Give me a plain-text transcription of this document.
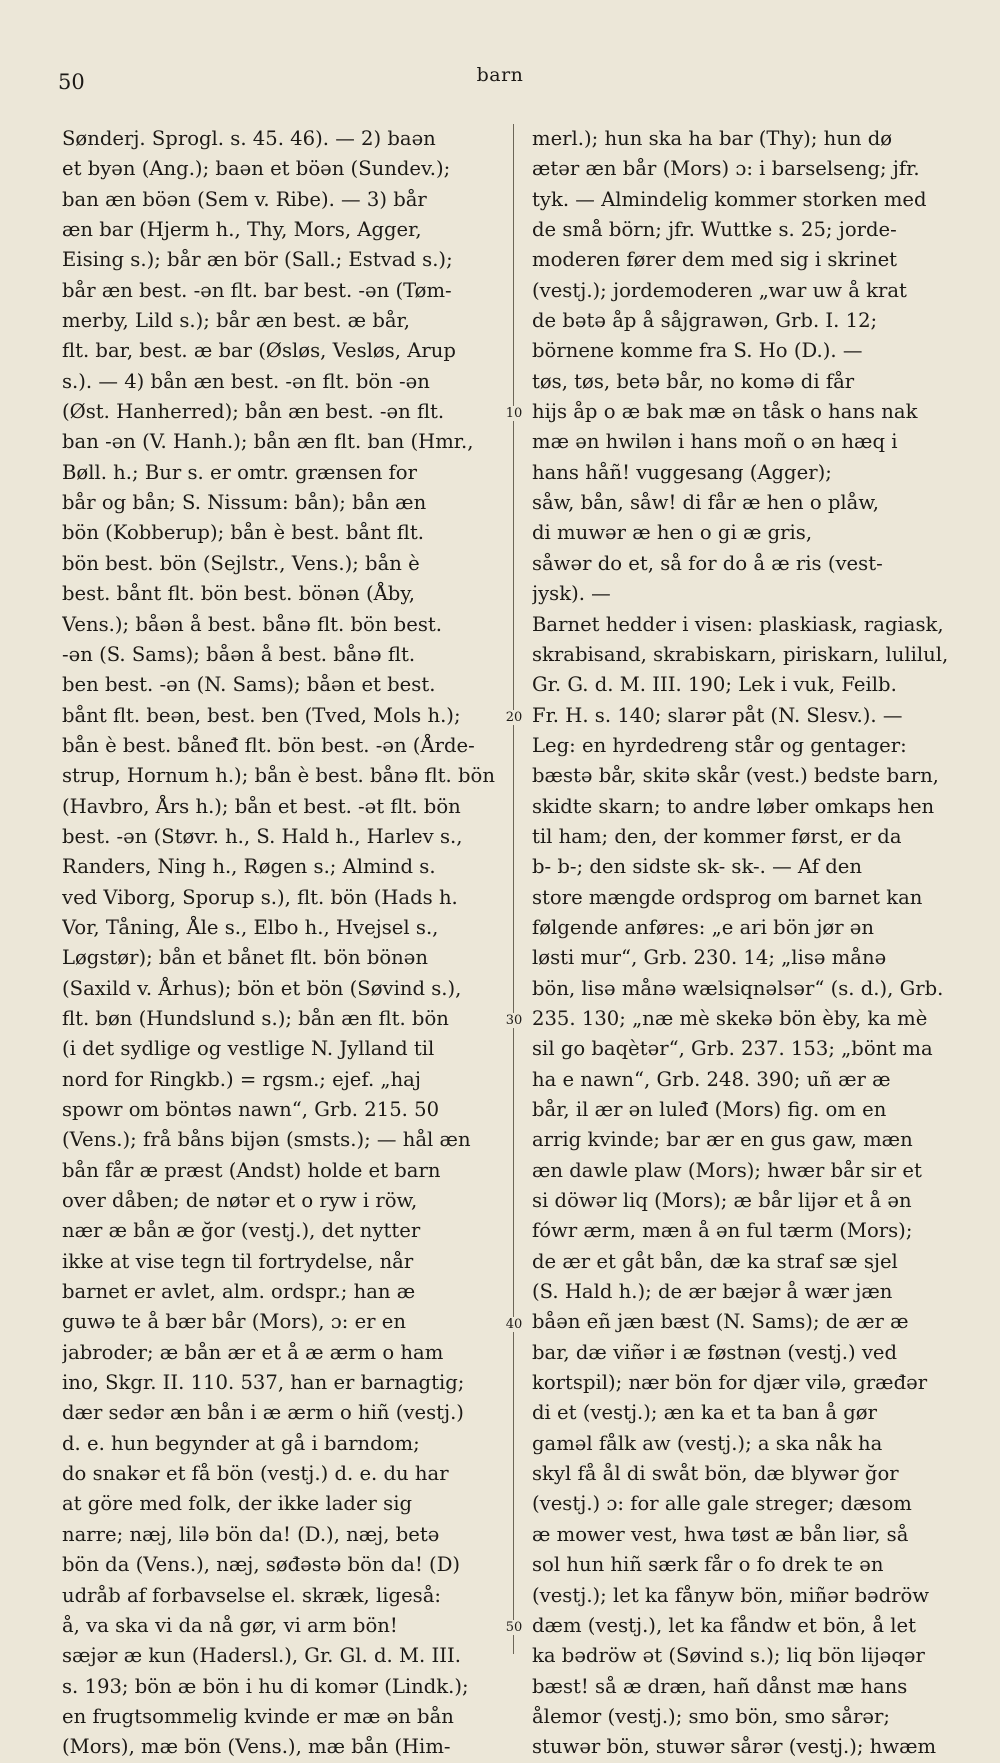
50	barn
Sønderj. Sprogl. s. 45. 46). — 2) baən
et byən (Ang.); baən et böən (Sundev.);
ban æn böən (Sem v. Ribe). — 3) bår
æn bar (Hjerm h., Thy, Mors, Agger,
Eising s.); bår æn bör (Sall.; Estvad s.);
bår æn best. -ən flt. bar best. -ən (Tøm-
merby, Lild s.); bår æn best. æ bår,
flt. bar, best. æ bar (Øsløs, Vesløs, Arup
s.). — 4) bån æn best. -ən flt. bön -ən
(Øst. Hanherred); bån æn best. -ən flt.
ban -ən (V. Hanh.); bån æn flt. ban (Hmr.,
Bøll. h.; Bur s. er omtr. grænsen for
bår og bån; S. Nissum: bån); bån æn
bön (Kobberup); bån è best. bånt flt.
bön best. bön (Sejlstr., Vens.); bån è
best. bånt flt. bön best. bönən (Åby,
Vens.); båən å best. bånə flt. bön best.
-ən (S. Sams); båən å best. bånə flt.
ben best. -ən (N. Sams); båən et best.
bånt flt. beən, best. ben (Tved, Mols h.);
bån è best. båneđ flt. bön best. -ən (Årde-
strup, Hornum h.); bån è best. bånə flt. bön
(Havbro, Års h.); bån et best. -ət flt. bön
best. -ən (Støvr. h., S. Hald h., Harlev s.,
Randers, Ning h., Røgen s.; Almind s.
ved Viborg, Sporup s.), flt. bön (Hads h.
Vor, Tåning, Åle s., Elbo h., Hvejsel s.,
Løgstør); bån et bånet flt. bön bönən
(Saxild v. Århus); bön et bön (Søvind s.),
flt. bøn (Hundslund s.); bån æn flt. bön
(i det sydlige og vestlige N. Jylland til
nord for Ringkb.) = rgsm.; ejef. „haj
spowr om böntəs nawn“, Grb. 215. 50
(Vens.); frå båns bijən (smsts.); — hål æn
bån får æ præst (Andst) holde et barn
over dåben; de nøtər et o ryw i röw,
nær æ bån æ ğor (vestj.), det nytter
ikke at vise tegn til fortrydelse, når
barnet er avlet, alm. ordspr.; han æ
guwə te å bær bår (Mors), ɔ: er en
jabroder; æ bån ær et å æ ærm o ham
ino, Skgr. II. 110. 537, han er barnagtig;
dær sedər æn bån i æ ærm o hiñ (vestj.)
d. e. hun begynder at gå i barndom;
do snakər et få bön (vestj.) d. e. du har
at göre med folk, der ikke lader sig
narre; næj, lilə bön da! (D.), næj, betə
bön da (Vens.), næj, søđəstə bön da! (D)
udråb af forbavselse el. skræk, ligeså:
å, va ska vi da nå gør, vi arm bön!
sæjər æ kun (Hadersl.), Gr. Gl. d. M. III.
s. 193; bön æ bön i hu di komər (Lindk.);
en frugtsommelig kvinde er mæ ən bån
(Mors), mæ bön (Vens.), mæ bån (Him-
merl.); hun ska ha bar (Thy); hun dø
ætər æn bår (Mors) ɔ: i barselseng; jfr.
tyk. — Almindelig kommer storken med
de små börn; jfr. Wuttke s. 25; jorde-
moderen fører dem med sig i skrinet
(vestj.); jordemoderen „war uw å krat
de bətə åp å såjgrawən, Grb. I. 12;
börnene komme fra S. Ho (D.). —
tøs, tøs, betə bår, no komə di får
hijs åp o æ bak mæ ən tåsk o hans nak
mæ ən hwilən i hans moñ o ən hæq i
hans håñ! vuggesang (Agger);
såw, bån, såw! di får æ hen o plåw,
di muwər æ hen o gi æ gris,
såwər do et, så for do å æ ris (vest-
jysk). —
Barnet hedder i visen: plaskiask, ragiask,
skrabisand, skrabiskarn, piriskarn, lulilul,
Gr. G. d. M. III. 190; Lek i vuk, Feilb.
Fr. H. s. 140; slarər påt (N. Slesv.). —
Leg: en hyrdedreng står og gentager:
bæstə bår, skitə skår (vest.) bedste barn,
skidte skarn; to andre løber omkaps hen
til ham; den, der kommer først, er da
b- b-; den sidste sk- sk-. — Af den
store mængde ordsprog om barnet kan
følgende anføres: „e ari bön jør ən
løsti mur“, Grb. 230. 14; „lisə månə
bön, lisə månə wælsiqnəlsər“ (s. d.), Grb.
235. 130; „næ mè skekə bön èby, ka mè
sil go baqètər“, Grb. 237. 153; „bönt ma
ha e nawn“, Grb. 248. 390; uñ ær æ
bår, il ær ən luleđ (Mors) fig. om en
arrig kvinde; bar ær en gus gaw, mæn
æn dawle plaw (Mors); hwær bår sir et
si döwər liq (Mors); æ bår lijər et å ən
fówr ærm, mæn å ən ful tærm (Mors);
de ær et gåt bån, dæ ka straf sæ sjel
(S. Hald h.); de ær bæjər å wær jæn
båən eñ jæn bæst (N. Sams); de ær æ
bar, dæ viñər i æ føstnən (vestj.) ved
kortspil); nær bön for djær vilə, græđər
di et (vestj.); æn ka et ta ban å gør
gaməl fålk aw (vestj.); a ska nåk ha
skyl få ål di swåt bön, dæ blywər ğor
(vestj.) ɔ: for alle gale streger; dæsom
æ mower vest, hwa tøst æ bån liər, så
sol hun hiñ særk får o fo drek te ən
(vestj.); let ka fånyw bön, miñər bədröw
dæm (vestj.), let ka fåndw et bön, å let
ka bədröw ət (Søvind s.); liq bön lijəqər
bæst! så æ dræn, hañ dånst mæ hans
ålemor (vestj.); smo bön, smo sårər;
stuwər bön, stuwər sårər (vestj.); hwæm
10
20
30
40
50
